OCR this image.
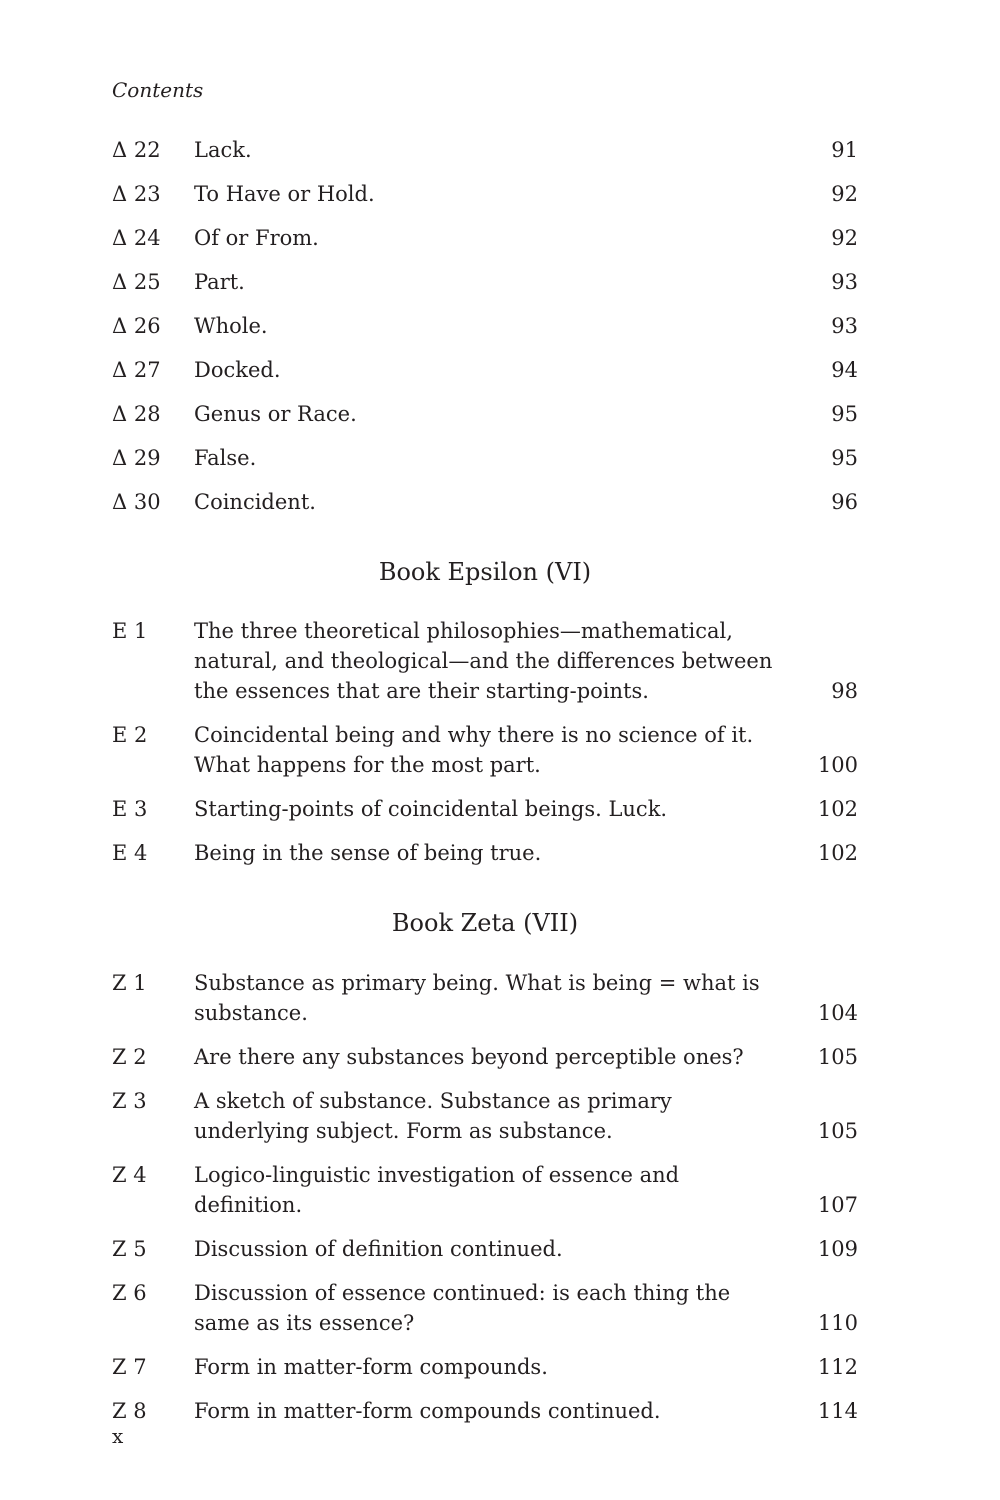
Contents
Δ 22	Lack.	91
Δ 23	To Have or Hold.	92
Δ 24	Of or From.	92
Δ 25	Part.	93
Δ 26	Whole.	93
Δ 27	Docked.	94
Δ 28	Genus or Race.	95
Δ 29	False.	95
Δ 30	Coincident.	96
Book Epsilon (VI)
E 1	The three theoretical philosophies—mathematical, natural, and theological—and the differences between the essences that are their starting-points.	98
E 2	Coincidental being and why there is no science of it. What happens for the most part.	100
E 3	Starting-points of coincidental beings. Luck.	102
E 4	Being in the sense of being true.	102
Book Zeta (VII)
Z 1	Substance as primary being. What is being = what is substance.	104
Z 2	Are there any substances beyond perceptible ones?	105
Z 3	A sketch of substance. Substance as primary underlying subject. Form as substance.	105
Z 4	Logico-linguistic investigation of essence and definition.	107
Z 5	Discussion of definition continued.	109
Z 6	Discussion of essence continued: is each thing the same as its essence?	110
Z 7	Form in matter-form compounds.	112
Z 8	Form in matter-form compounds continued.	114
x
